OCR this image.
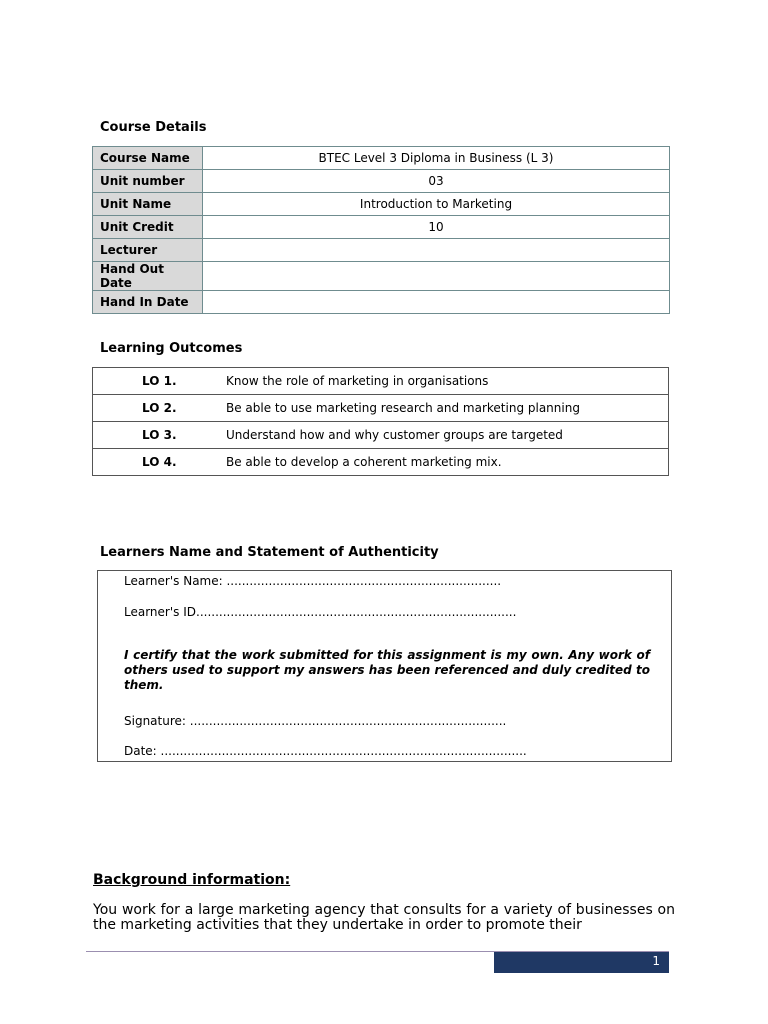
Course Details
Course Name	BTEC Level 3 Diploma in Business (L 3)
Unit number	03
Unit Name	Introduction to Marketing
Unit Credit	10
Lecturer	
Hand Out Date	
Hand In Date	
Learning Outcomes
LO 1.	Know the role of marketing in organisations
LO 2.	Be able to use marketing research and marketing planning
LO 3.	Understand how and why customer groups are targeted
LO 4.	Be able to develop a coherent marketing mix.
Learners Name and Statement of Authenticity
Learner's Name: ........................................................................
Learner's ID....................................................................................
I certify that the work submitted for this assignment is my own. Any work of others used to support my answers has been referenced and duly credited to them.
Signature: ...................................................................................
Date: ................................................................................................
Background information:
You work for a large marketing agency that consults for a variety of businesses on the marketing activities that they undertake in order to promote their
1
